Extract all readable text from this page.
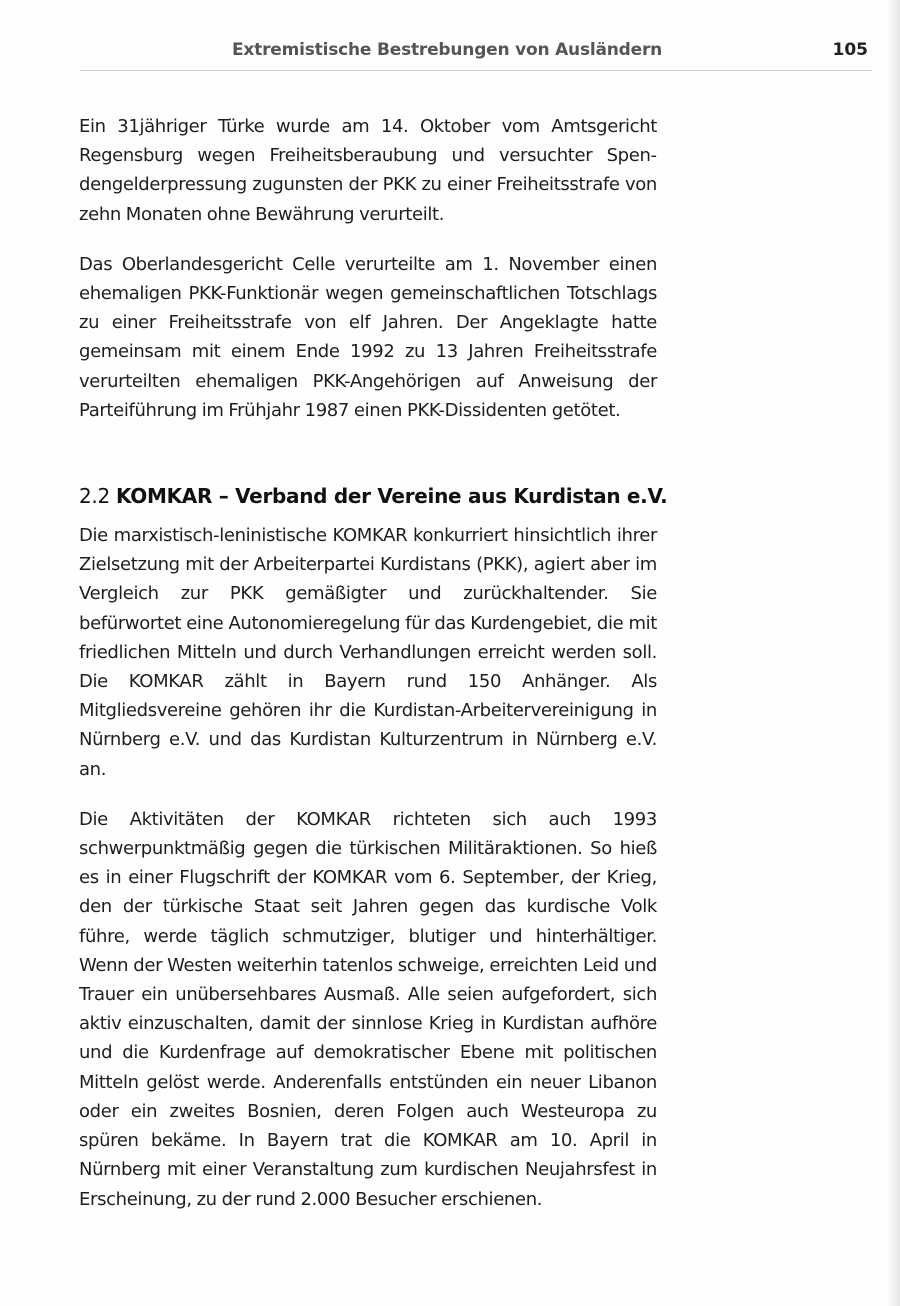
Extremistische Bestrebungen von Ausländern	105

Ein 31jähriger Türke wurde am 14. Oktober vom Amtsgericht Regensburg wegen Freiheitsberaubung und versuchter Spendengelderpressung zugunsten der PKK zu einer Freiheitsstrafe von zehn Monaten ohne Bewährung verurteilt.

Das Oberlandesgericht Celle verurteilte am 1. November einen ehemaligen PKK-Funktionär wegen gemeinschaftlichen Totschlags zu einer Freiheitsstrafe von elf Jahren. Der Angeklagte hatte gemeinsam mit einem Ende 1992 zu 13 Jahren Freiheitsstrafe verurteilten ehemaligen PKK-Angehörigen auf Anweisung der Parteiführung im Frühjahr 1987 einen PKK-Dissidenten getötet.

2.2 KOMKAR – Verband der Vereine aus Kurdistan e.V.

Die marxistisch-leninistische KOMKAR konkurriert hinsichtlich ihrer Zielsetzung mit der Arbeiterpartei Kurdistans (PKK), agiert aber im Vergleich zur PKK gemäßigter und zurückhaltender. Sie befürwortet eine Autonomieregelung für das Kurdengebiet, die mit friedlichen Mitteln und durch Verhandlungen erreicht werden soll. Die KOMKAR zählt in Bayern rund 150 Anhänger. Als Mitgliedsvereine gehören ihr die Kurdistan-Arbeitervereinigung in Nürnberg e.V. und das Kurdistan Kulturzentrum in Nürnberg e.V. an.

Die Aktivitäten der KOMKAR richteten sich auch 1993 schwerpunktmäßig gegen die türkischen Militäraktionen. So hieß es in einer Flugschrift der KOMKAR vom 6. September, der Krieg, den der türkische Staat seit Jahren gegen das kurdische Volk führe, werde täglich schmutziger, blutiger und hinterhältiger. Wenn der Westen weiterhin tatenlos schweige, erreichten Leid und Trauer ein unübersehbares Ausmaß. Alle seien aufgefordert, sich aktiv einzuschalten, damit der sinnlose Krieg in Kurdistan aufhöre und die Kurdenfrage auf demokratischer Ebene mit politischen Mitteln gelöst werde. Anderenfalls entstünden ein neuer Libanon oder ein zweites Bosnien, deren Folgen auch Westeuropa zu spüren bekäme. In Bayern trat die KOMKAR am 10. April in Nürnberg mit einer Veranstaltung zum kurdischen Neujahrsfest in Erscheinung, zu der rund 2.000 Besucher erschienen.
